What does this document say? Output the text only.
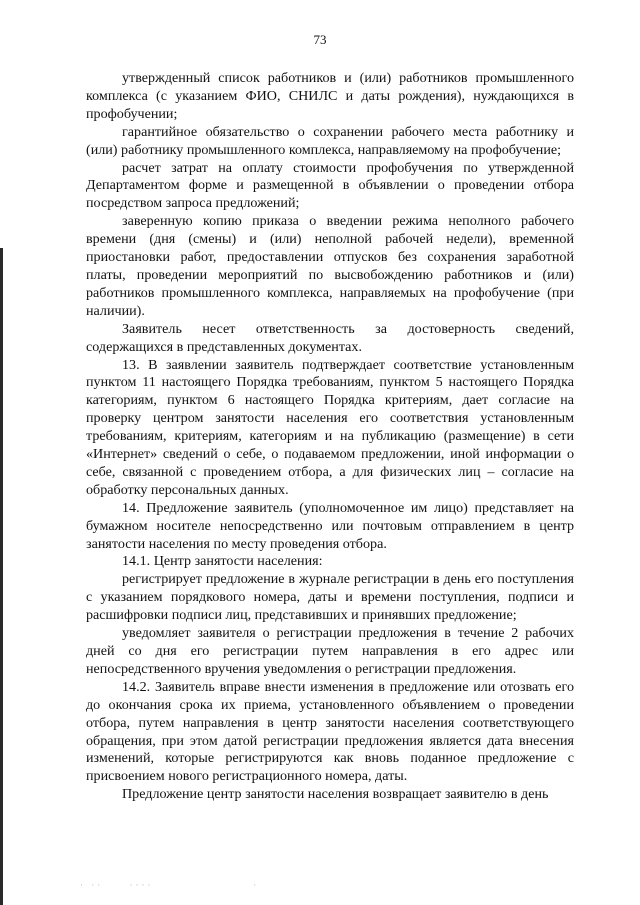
73

утвержденный список работников и (или) работников промышленного комплекса (с указанием ФИО, СНИЛС и даты рождения), нуждающихся в профобучении;

гарантийное обязательство о сохранении рабочего места работнику и (или) работнику промышленного комплекса, направляемому на профобучение;

расчет затрат на оплату стоимости профобучения по утвержденной Департаментом форме и размещенной в объявлении о проведении отбора посредством запроса предложений;

заверенную копию приказа о введении режима неполного рабочего времени (дня (смены) и (или) неполной рабочей недели), временной приостановки работ, предоставлении отпусков без сохранения заработной платы, проведении мероприятий по высвобождению работников и (или) работников промышленного комплекса, направляемых на профобучение (при наличии).

Заявитель несет ответственность за достоверность сведений, содержащихся в представленных документах.

13. В заявлении заявитель подтверждает соответствие установленным пунктом 11 настоящего Порядка требованиям, пунктом 5 настоящего Порядка категориям, пунктом 6 настоящего Порядка критериям, дает согласие на проверку центром занятости населения его соответствия установленным требованиям, критериям, категориям и на публикацию (размещение) в сети «Интернет» сведений о себе, о подаваемом предложении, иной информации о себе, связанной с проведением отбора, а для физических лиц – согласие на обработку персональных данных.

14. Предложение заявитель (уполномоченное им лицо) представляет на бумажном носителе непосредственно или почтовым отправлением в центр занятости населения по месту проведения отбора.

14.1. Центр занятости населения:

регистрирует предложение в журнале регистрации в день его поступления с указанием порядкового номера, даты и времени поступления, подписи и расшифровки подписи лиц, представивших и принявших предложение;

уведомляет заявителя о регистрации предложения в течение 2 рабочих дней со дня его регистрации путем направления в его адрес или непосредственного вручения уведомления о регистрации предложения.

14.2. Заявитель вправе внести изменения в предложение или отозвать его до окончания срока их приема, установленного объявлением о проведении отбора, путем направления в центр занятости населения соответствующего обращения, при этом датой регистрации предложения является дата внесения изменений, которые регистрируются как вновь поданное предложение с присвоением нового регистрационного номера, даты.

Предложение центр занятости населения возвращает заявителю в день

· ··     ····                   ·
